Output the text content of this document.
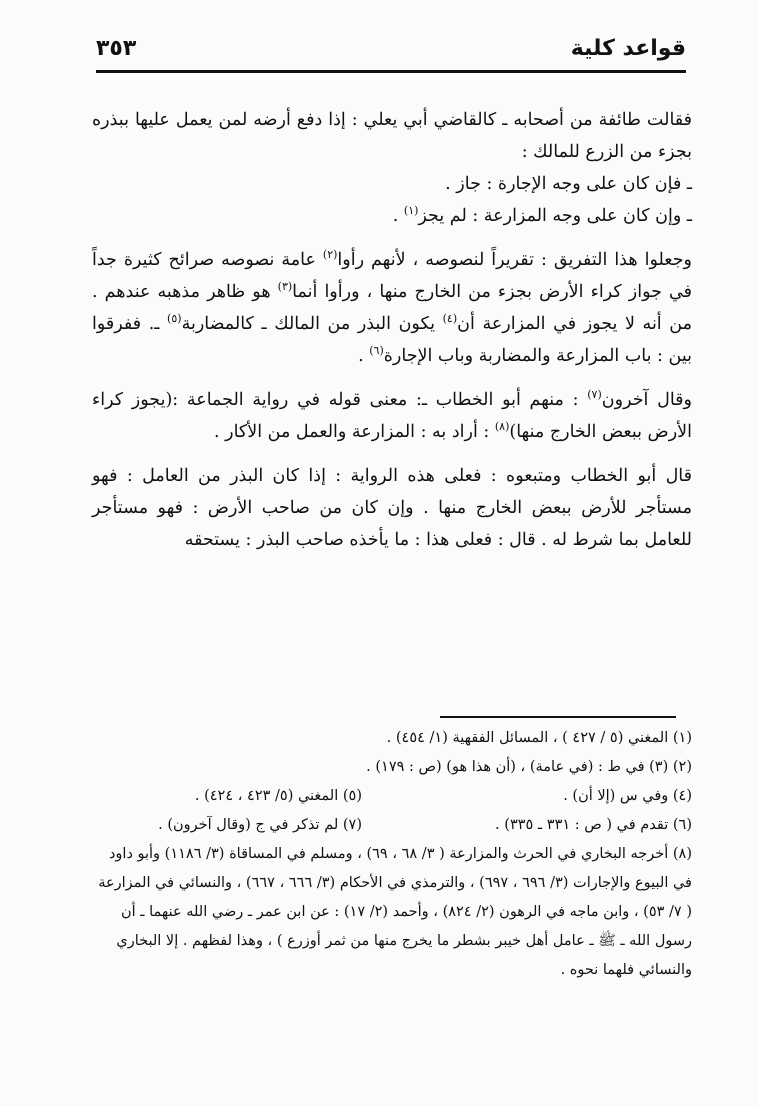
قواعد كلية
٣٥٣

فقالت طائفة من أصحابه ـ كالقاضي أبي يعلي : إذا دفع أرضه لمن يعمل عليها ببذره بجزء من الزرع للمالك :

ـ فإن كان على وجه الإجارة : جاز .

ـ وإن كان على وجه المزارعة : لم يجز$^{(١)}$ .

وجعلوا هذا التفريق : تقريراً لنصوصه ، لأنهم رأوا$^{(٢)}$ عامة نصوصه صرائح كثيرة جداً في جواز كراء الأرض بجزء من الخارج منها ، ورأوا أنما$^{(٣)}$ هو ظاهر مذهبه عندهم . من أنه لا يجوز في المزارعة أن$^{(٤)}$ يكون البذر من المالك ـ كالمضاربة$^{(٥)}$ ـ. ففرقوا بين : باب المزارعة والمضاربة وباب الإجارة$^{(٦)}$ .

وقال آخرون$^{(٧)}$ : منهم أبو الخطاب ـ: معنى قوله في رواية الجماعة :(يجوز كراء الأرض ببعض الخارج منها)$^{(٨)}$ : أراد به : المزارعة والعمل من الأكار .

قال أبو الخطاب ومتبعوه : فعلى هذه الرواية : إذا كان البذر من العامل : فهو مستأجر للأرض ببعض الخارج منها . وإن كان من صاحب الأرض : فهو مستأجر للعامل بما شرط له . قال : فعلى هذا : ما يأخذه صاحب البذر : يستحقه

(١) المغني (٥ / ٤٢٧ ) ، المسائل الفقهية (١/ ٤٥٤) .

(٢) (٣) في ط : (في عامة) ، (أن هذا هو) (ص : ١٧٩) .

(٤) وفي س (إلا أن) .
(٥) المغني (٥/ ٤٢٣ ، ٤٢٤) .
(٦) تقدم في ( ص : ٣٣١ ـ ٣٣٥) .
(٧) لم تذكر في ج (وقال آخرون) .

(٨) أخرجه البخاري في الحرث والمزارعة ( ٣/ ٦٨ ، ٦٩) ، ومسلم في المساقاة (٣/ ١١٨٦) وأبو داود في البيوع والإجارات (٣/ ٦٩٦ ، ٦٩٧) ، والترمذي في الأحكام (٣/ ٦٦٦ ، ٦٦٧) ، والنسائي في المزارعة ( ٧/ ٥٣) ، وابن ماجه في الرهون (٢/ ٨٢٤) ، وأحمد (٢/ ١٧) : عن ابن عمر ـ رضي الله عنهما ـ أن رسول الله ـ ﷺ ـ عامل أهل خيبر بشطر ما يخرج منها من ثمر أوزرع ) ، وهذا لفظهم . إلا البخاري والنسائي فلهما نحوه .
